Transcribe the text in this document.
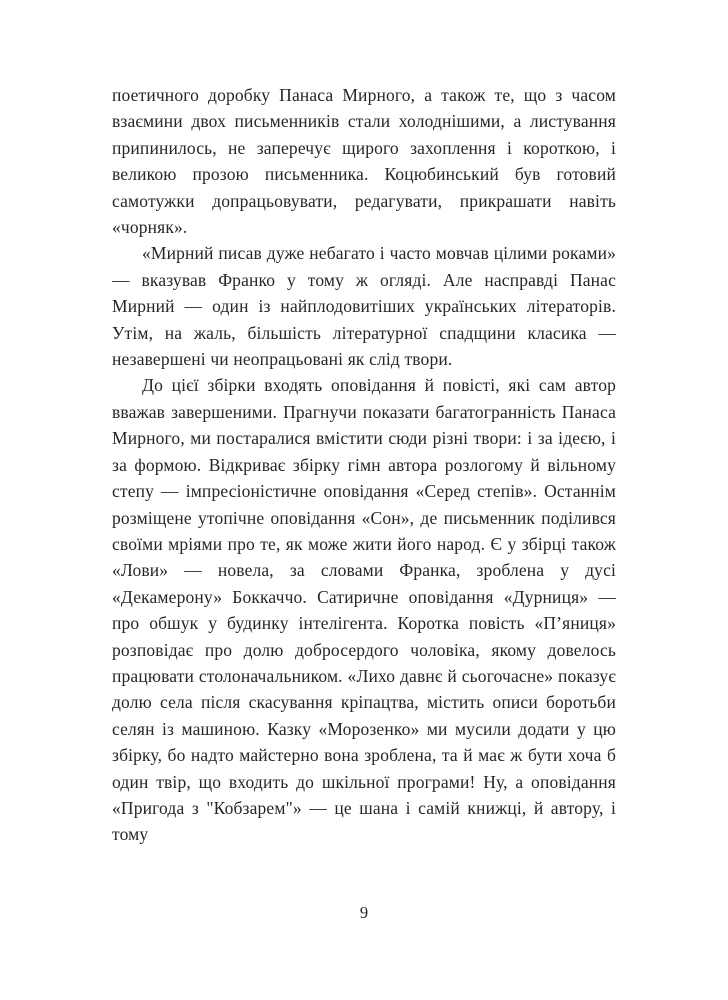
поетичного доробку Панаса Мирного, а також те, що з часом взаємини двох письменників стали холоднішими, а листування припинилось, не заперечує щирого захоплення і короткою, і великою прозою письменника. Коцюбинський був готовий самотужки допрацьовувати, редагувати, прикрашати навіть «чорняк».

«Мирний писав дуже небагато і часто мовчав цілими роками» — вказував Франко у тому ж огляді. Але насправді Панас Мирний — один із найплодовитіших українських літераторів. Утім, на жаль, більшість літературної спадщини класика — незавершені чи неопрацьовані як слід твори.

До цієї збірки входять оповідання й повісті, які сам автор вважав завершеними. Прагнучи показати багатогранність Панаса Мирного, ми постаралися вмістити сюди різні твори: і за ідеєю, і за формою. Відкриває збірку гімн автора розлогому й вільному степу — імпресіоністичне оповідання «Серед степів». Останнім розміщене утопічне оповідання «Сон», де письменник поділився своїми мріями про те, як може жити його народ. Є у збірці також «Лови» — новела, за словами Франка, зроблена у дусі «Декамерону» Боккаччо. Сатиричне оповідання «Дурниця» — про обшук у будинку інтелігента. Коротка повість «П’яниця» розповідає про долю добросердого чоловіка, якому довелось працювати столоначальником. «Лихо давнє й сьогочасне» показує долю села після скасування кріпацтва, містить описи боротьби селян із машиною. Казку «Морозенко» ми мусили додати у цю збірку, бо надто майстерно вона зроблена, та й має ж бути хоча б один твір, що входить до шкільної програми! Ну, а оповідання «Пригода з "Кобзарем"» — це шана і самій книжці, й автору, і тому

9
